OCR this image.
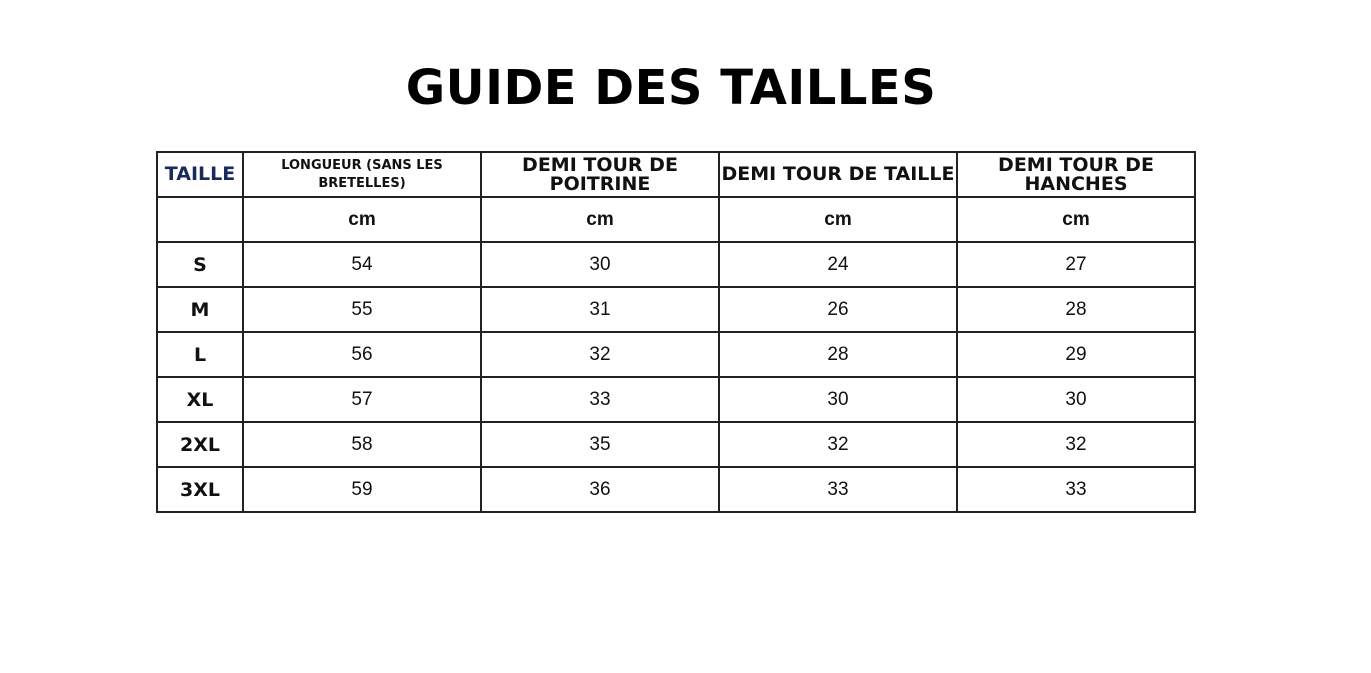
GUIDE DES TAILLES
TAILLE	LONGUEUR (SANS LES BRETELLES)	DEMI TOUR DE POITRINE	DEMI TOUR DE TAILLE	DEMI TOUR DE HANCHES
	cm	cm	cm	cm
S	54	30	24	27
M	55	31	26	28
L	56	32	28	29
XL	57	33	30	30
2XL	58	35	32	32
3XL	59	36	33	33
